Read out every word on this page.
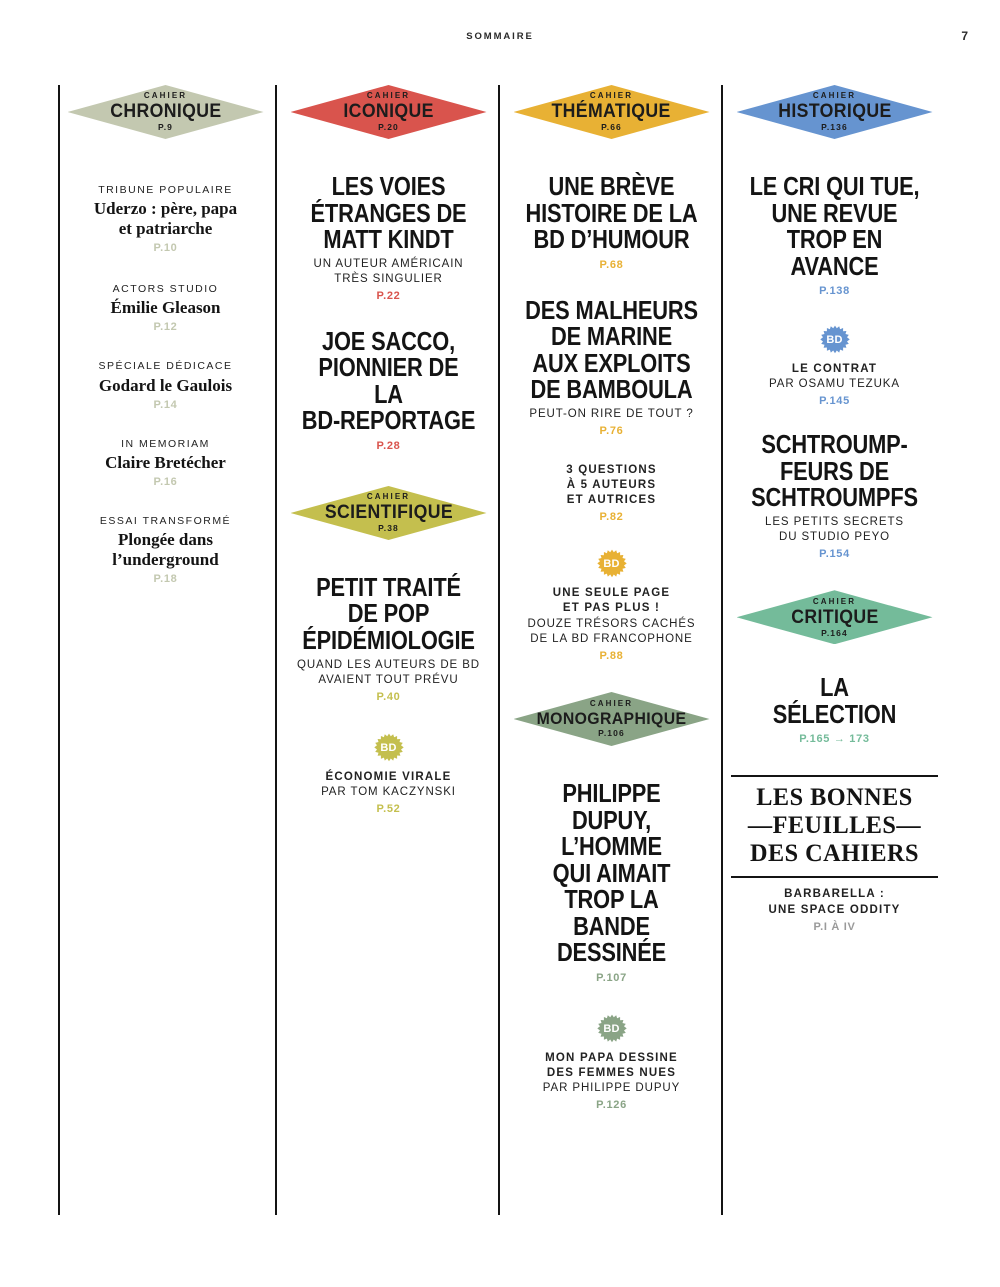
SOMMAIRE	7
CAHIER
CHRONIQUE
P.9
TRIBUNE POPULAIRE
Uderzo : père, papa
et patriarche
P.10
ACTORS STUDIO
Émilie Gleason
P.12
SPÉCIALE DÉDICACE
Godard le Gaulois
P.14
IN MEMORIAM
Claire Bretécher
P.16
ESSAI TRANSFORMÉ
Plongée dans
l’underground
P.18
CAHIER
ICONIQUE
P.20
LES VOIES
ÉTRANGES DE
MATT KINDT
UN AUTEUR AMÉRICAIN
TRÈS SINGULIER
P.22
JOE SACCO,
PIONNIER DE LA
BD-REPORTAGE
P.28
CAHIER
SCIENTIFIQUE
P.38
PETIT TRAITÉ
DE POP
ÉPIDÉMIOLOGIE
QUAND LES AUTEURS DE BD
AVAIENT TOUT PRÉVU
P.40
BD
ÉCONOMIE VIRALE
PAR TOM KACZYNSKI
P.52
CAHIER
THÉMATIQUE
P.66
UNE BRÈVE
HISTOIRE DE LA
BD D’HUMOUR
P.68
DES MALHEURS
DE MARINE
AUX EXPLOITS
DE BAMBOULA
PEUT-ON RIRE DE TOUT ?
P.76
3 QUESTIONS
À 5 AUTEURS
ET AUTRICES
P.82
BD
UNE SEULE PAGE
ET PAS PLUS !
DOUZE TRÉSORS CACHÉS
DE LA BD FRANCOPHONE
P.88
CAHIER
MONOGRAPHIQUE
P.106
PHILIPPE DUPUY,
L’HOMME
QUI AIMAIT
TROP LA BANDE
DESSINÉE
P.107
BD
MON PAPA DESSINE
DES FEMMES NUES
PAR PHILIPPE DUPUY
P.126
CAHIER
HISTORIQUE
P.136
LE CRI QUI TUE,
UNE REVUE
TROP EN AVANCE
P.138
BD
LE CONTRAT
PAR OSAMU TEZUKA
P.145
SCHTROUMP-
FEURS DE
SCHTROUMPFS
LES PETITS SECRETS
DU STUDIO PEYO
P.154
CAHIER
CRITIQUE
P.164
LA
SÉLECTION
P.165 → 173
LES BONNES
—FEUILLES—
DES CAHIERS
BARBARELLA :
UNE SPACE ODDITY
P.I À IV
